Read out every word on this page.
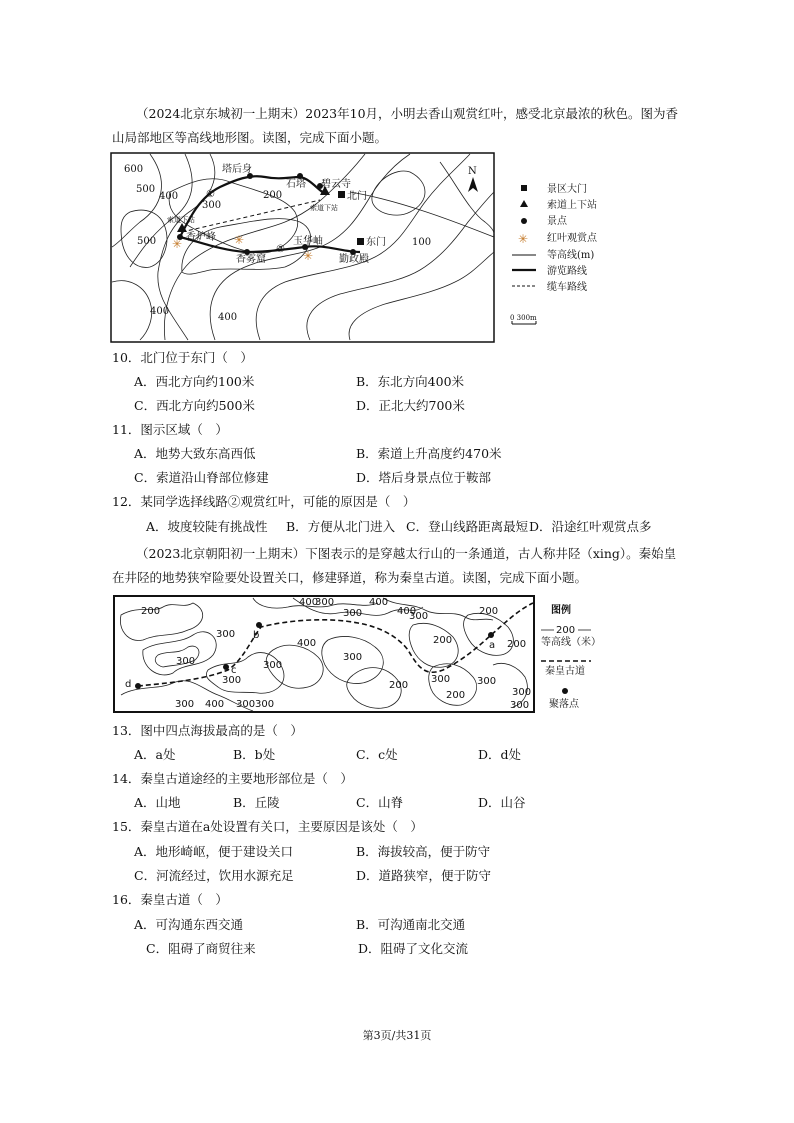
（2024北京东城初一上期末）2023年10月，小明去香山观赏红叶，感受北京最浓的秋色。图为香山局部地区等高线地形图。读图，完成下面小题。

✳
✳
✳
N
600
500
400
300
200
100
500
400
400
塔后身
石塔 碧云寺
北门
索道下站
索道下站
香炉峰
香雾窟
玉华岫
勤政殿
东门
①
②
✳
景区大门
索道上下站
景点
红叶观赏点
等高线(m)
游览路线
缆车路线
0 300m
10．北门位于东门（　）
A．西北方向约100米	B．东北方向400米
C．西北方向约500米	D．正北大约700米
11．图示区域（　）
A．地势大致东高西低	B．索道上升高度约470米
C．索道沿山脊部位修建	D．塔后身景点位于鞍部
12．某同学选择线路②观赏红叶，可能的原因是（　）
A．坡度较陡有挑战性 B．方便从北门进入 C．登山线路距离最短 D．沿途红叶观赏点多

（2023北京朝阳初一上期末）下图表示的是穿越太行山的一条通道，古人称井陉（xing）。秦始皇在井陉的地势狭窄险要处设置关口，修建驿道，称为秦皇古道。读图，完成下面小题。

a
b
c
d
200
300
300
400
300
200
200
300
300
300
200	300
300
400
300
300
400
400
300
200
300
200	300
300 300
400
图例
200
等高线（米）
秦皇古道
聚落点
13．图中四点海拔最高的是（　）
A．a处	B．b处	C．c处	D．d处
14．秦皇古道途经的主要地形部位是（　）
A．山地	B．丘陵	C．山脊	D．山谷
15．秦皇古道在a处设置有关口，主要原因是该处（　）
A．地形崎岖，便于建设关口	B．海拔较高，便于防守
C．河流经过，饮用水源充足	D．道路狭窄，便于防守
16．秦皇古道（　）
A．可沟通东西交通	B．可沟通南北交通
C．阻碍了商贸往来	D．阻碍了文化交流
第3页/共31页
